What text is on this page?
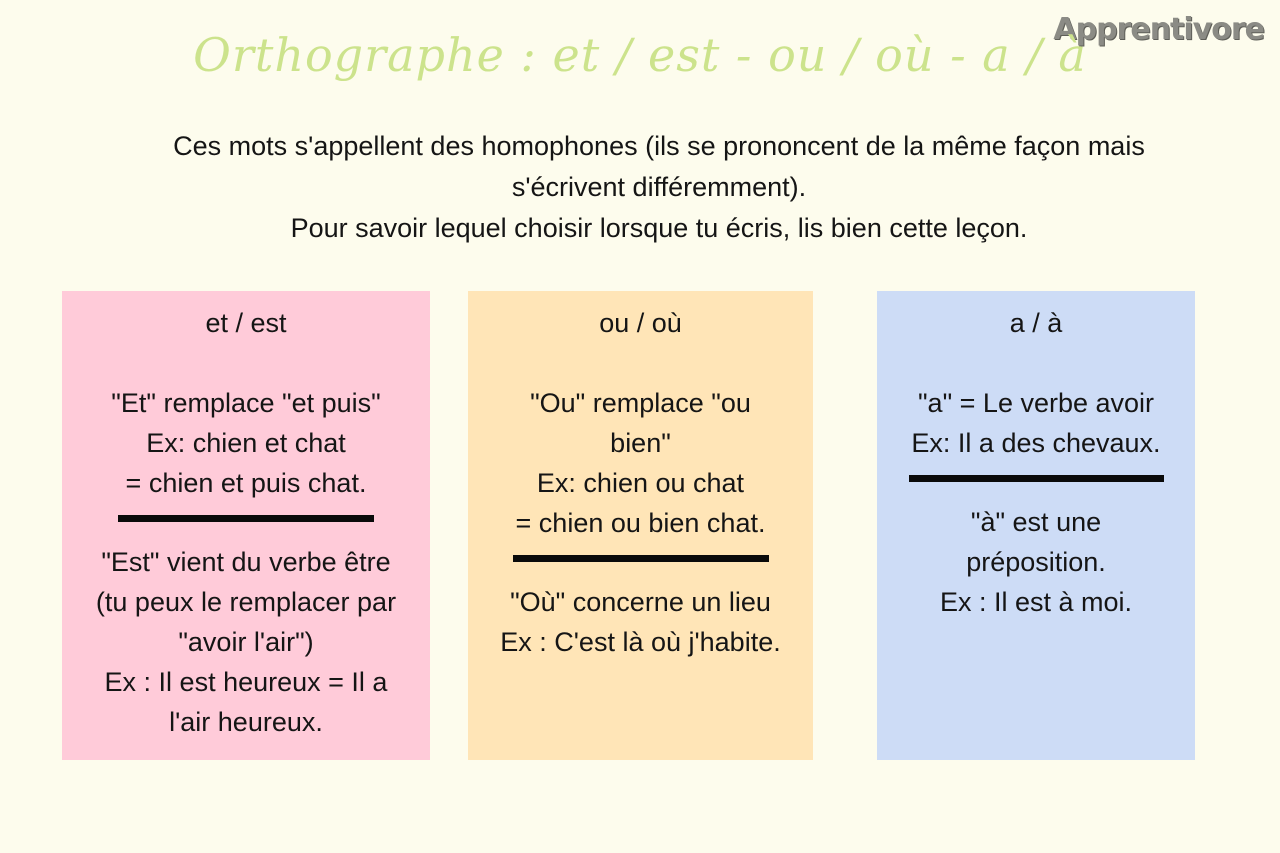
Apprentivore
Orthographe : et / est - ou / où - a / à

Ces mots s'appellent des homophones (ils se prononcent de la même façon mais

s'écrivent différemment).

Pour savoir lequel choisir lorsque tu écris, lis bien cette leçon.

et / est

"Et" remplace "et puis"

Ex: chien et chat

= chien et puis chat.

"Est" vient du verbe être

(tu peux le remplacer par

"avoir l'air")

Ex : Il est heureux = Il a

l'air heureux.

ou / où

"Ou" remplace "ou

bien"

Ex: chien ou chat

= chien ou bien chat.

"Où" concerne un lieu

Ex : C'est là où j'habite.

a / à

"a" = Le verbe avoir

Ex: Il a des chevaux.

"à" est une

préposition.

Ex : Il est à moi.
